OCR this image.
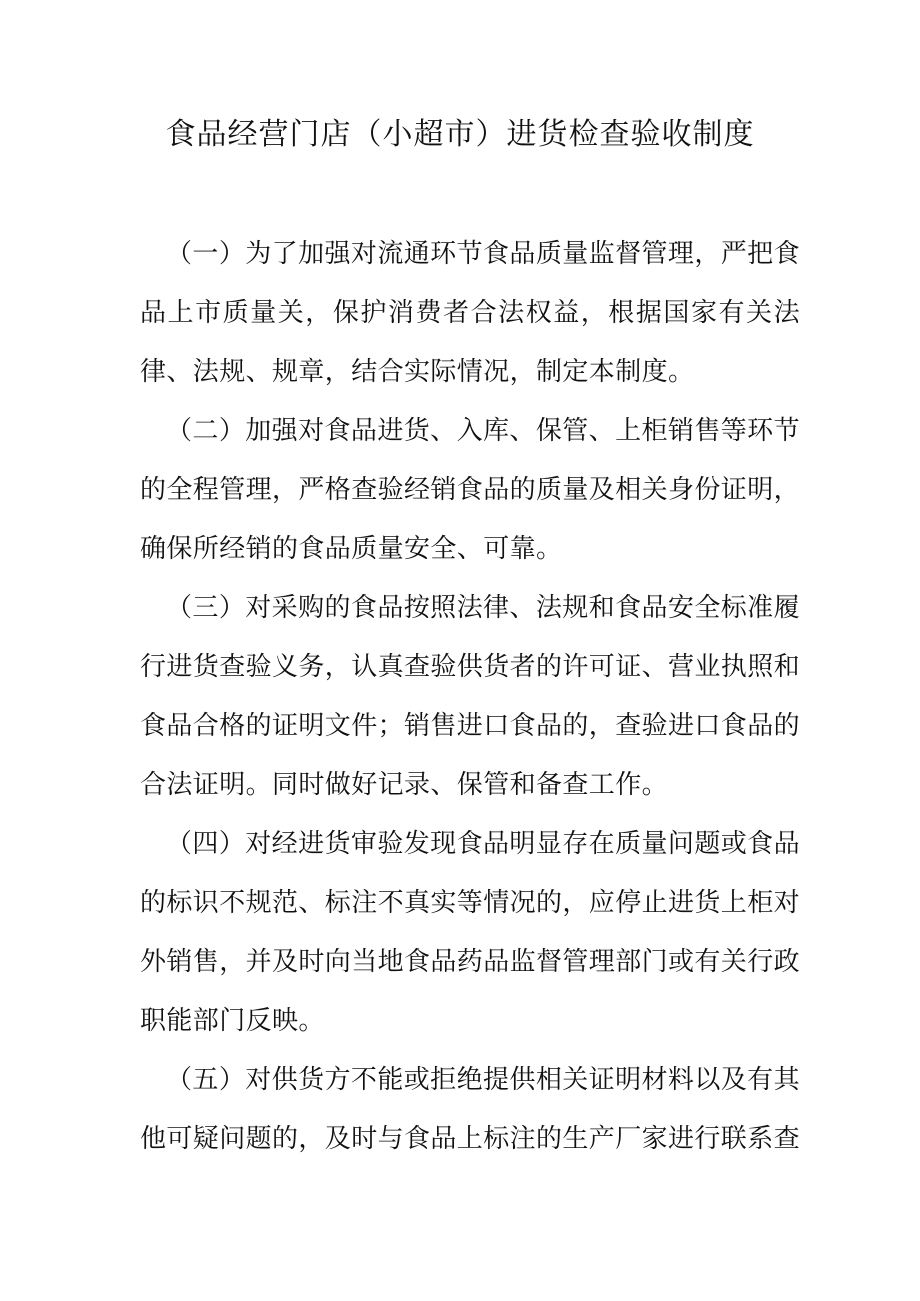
食品经营门店（小超市）进货检查验收制度

（一）为了加强对流通环节食品质量监督管理，严把食品上市质量关，保护消费者合法权益，根据国家有关法律、法规、规章，结合实际情况，制定本制度。

（二）加强对食品进货、入库、保管、上柜销售等环节的全程管理，严格查验经销食品的质量及相关身份证明，确保所经销的食品质量安全、可靠。

（三）对采购的食品按照法律、法规和食品安全标准履行进货查验义务，认真查验供货者的许可证、营业执照和食品合格的证明文件；销售进口食品的，查验进口食品的合法证明。同时做好记录、保管和备查工作。

（四）对经进货审验发现食品明显存在质量问题或食品的标识不规范、标注不真实等情况的，应停止进货上柜对外销售，并及时向当地食品药品监督管理部门或有关行政职能部门反映。

（五）对供货方不能或拒绝提供相关证明材料以及有其他可疑问题的，及时与食品上标注的生产厂家进行联系查
